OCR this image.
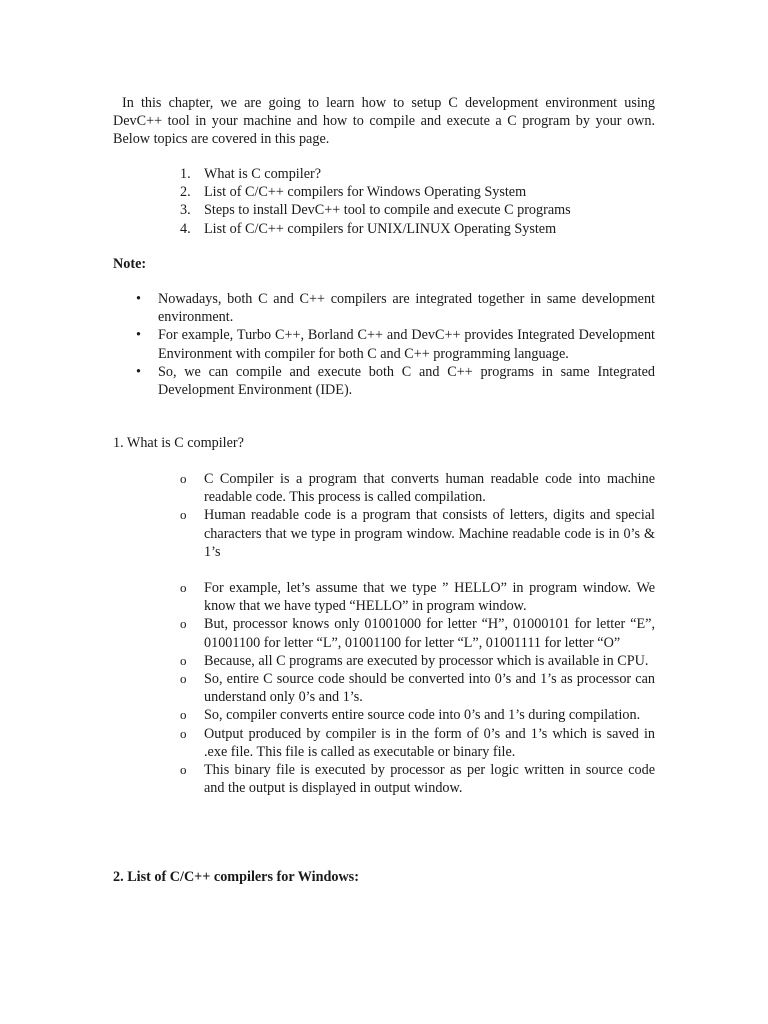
In this chapter, we are going to learn how to setup C development environment using DevC++ tool in your machine and how to compile and execute a C program by your own. Below topics are covered in this page.

1. What is C compiler?
2. List of C/C++ compilers for Windows Operating System
3. Steps to install DevC++ tool to compile and execute C programs
4. List of C/C++ compilers for UNIX/LINUX Operating System
Note:
• Nowadays, both C and C++ compilers are integrated together in same development environment.
• For example, Turbo C++, Borland C++ and DevC++ provides Integrated Development Environment with compiler for both C and C++ programming language.
• So, we can compile and execute both C and C++ programs in same Integrated Development Environment (IDE).
1. What is C compiler?
o C Compiler is a program that converts human readable code into machine readable code. This process is called compilation.
o Human readable code is a program that consists of letters, digits and special characters that we type in program window. Machine readable code is in 0’s & 1’s
o For example, let’s assume that we type ” HELLO” in program window. We know that we have typed “HELLO” in program window.
o But, processor knows only 01001000 for letter “H”, 01000101 for letter “E”, 01001100 for letter “L”, 01001100 for letter “L”, 01001111 for letter “O”
o Because, all C programs are executed by processor which is available in CPU.
o So, entire C source code should be converted into 0’s and 1’s as processor can understand only 0’s and 1’s.
o So, compiler converts entire source code into 0’s and 1’s during compilation.
o Output produced by compiler is in the form of 0’s and 1’s which is saved in .exe file. This file is called as executable or binary file.
o This binary file is executed by processor as per logic written in source code and the output is displayed in output window.
2. List of C/C++ compilers for Windows:
